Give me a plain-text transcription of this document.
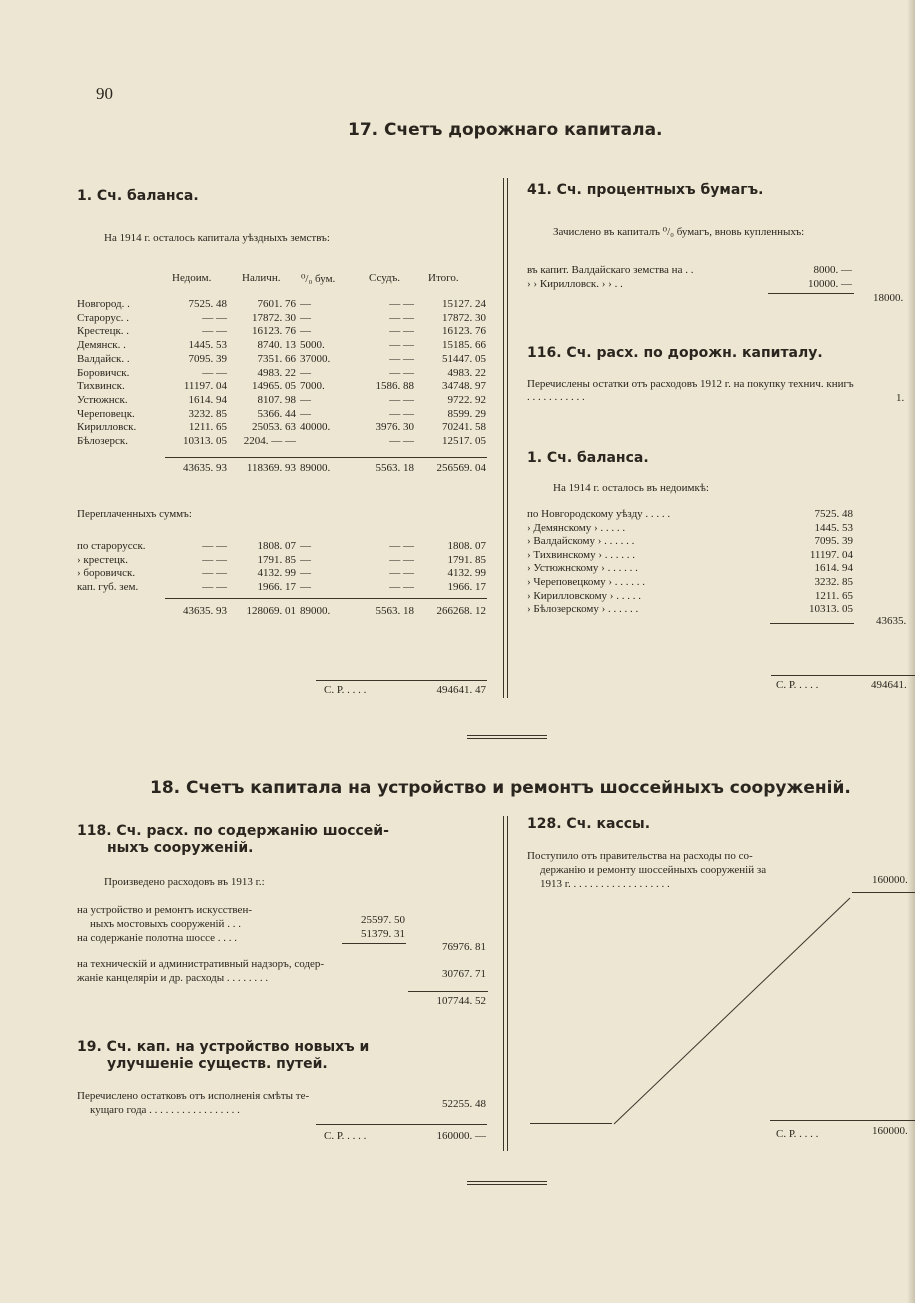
90
17. Счетъ дорожнаго капитала.
1. Сч. баланса.
На 1914 г. осталось капитала уѣздныхъ земствъ:
Недоим.	Наличн. ⁰/₀ бум.	Ссудъ.	Итого.
Новгород. .	7525. 48	7601. 76 —	— —	15127. 24
Старорус. .	— —	17872. 30 —	— —	17872. 30
Крестецк. .	— —	16123. 76 —	— —	16123. 76
Демянск. .	1445. 53	8740. 13 5000.	— —	15185. 66
Валдайск. .	7095. 39	7351. 66 37000.	— —	51447. 05
Боровичск.	— —	4983. 22 —	— —	4983. 22
Тихвинск.	11197. 04	14965. 05 7000.	1586. 88	34748. 97
Устюжнск.	1614. 94	8107. 98 —	— —	9722. 92
Череповецк.	3232. 85	5366. 44 —	— —	8599. 29
Кирилловск.	1211. 65	25053. 63 40000.	3976. 30	70241. 58
Бѣлозерск.	10313. 05	2204. — —	— —	12517. 05
43635. 93	118369. 93 89000.	5563. 18	256569. 04
Переплаченныхъ суммъ:
по старорусск.	— —	1808. 07 —	— —	1808. 07
› крестецк.	— —	1791. 85 —	— —	1791. 85
› боровичск.	— —	4132. 99 —	— —	4132. 99
кап. губ. зем.	— —	1966. 17 —	— —	1966. 17
43635. 93	128069. 01 89000.	5563. 18	266268. 12
С. Р. . . . .	494641. 47
41. Сч. процентныхъ бумагъ.
Зачислено въ капиталъ ⁰/₀ бумагъ, вновь купленныхъ:
въ капит. Валдайскаго земства на . .	8000. —
› › Кирилловск. › › . .	10000. —
18000.
116. Сч. расх. по дорожн. капиталу.
Перечислены остатки отъ расходовъ 1912 г. на покупку технич. книгъ . . . . . . . . . . .	1.
1. Сч. баланса.
На 1914 г. осталось въ недоимкѣ:
по Новгородскому уѣзду . . . . .	7525. 48
› Демянскому › . . . . .	1445. 53
› Валдайскому › . . . . . .	7095. 39
› Тихвинскому › . . . . . .	11197. 04
› Устюжнскому › . . . . . .	1614. 94
› Череповецкому › . . . . . .	3232. 85
› Кирилловскому › . . . . .	1211. 65
› Бѣлозерскому › . . . . . .	10313. 05
43635.
С. Р. . . . .	494641.
18. Счетъ капитала на устройство и ремонтъ шоссейныхъ сооруженій.
118. Сч. расх. по содержанію шоссей-
ныхъ сооруженій.
Произведено расходовъ въ 1913 г.:
на устройство и ремонтъ искусствен-
ныхъ мостовыхъ сооруженій . . .	25597. 50
на содержаніе полотна шоссе . . . .	51379. 31
76976. 81
на техническій и административный надзоръ, содер-
жаніе канцеляріи и др. расходы . . . . . . . .	30767. 71
107744. 52
19. Сч. кап. на устройство новыхъ и
улучшеніе существ. путей.
Перечислено остатковъ отъ исполненія смѣты те-
кущаго года . . . . . . . . . . . . . . . . .	52255. 48
С. Р. . . . .	160000. —
128. Сч. кассы.
Поступило отъ правительства на расходы по со-
держанію и ремонту шоссейныхъ сооруженій за
1913 г. . . . . . . . . . . . . . . . . . .	160000.
С. Р. . . . .	160000.
